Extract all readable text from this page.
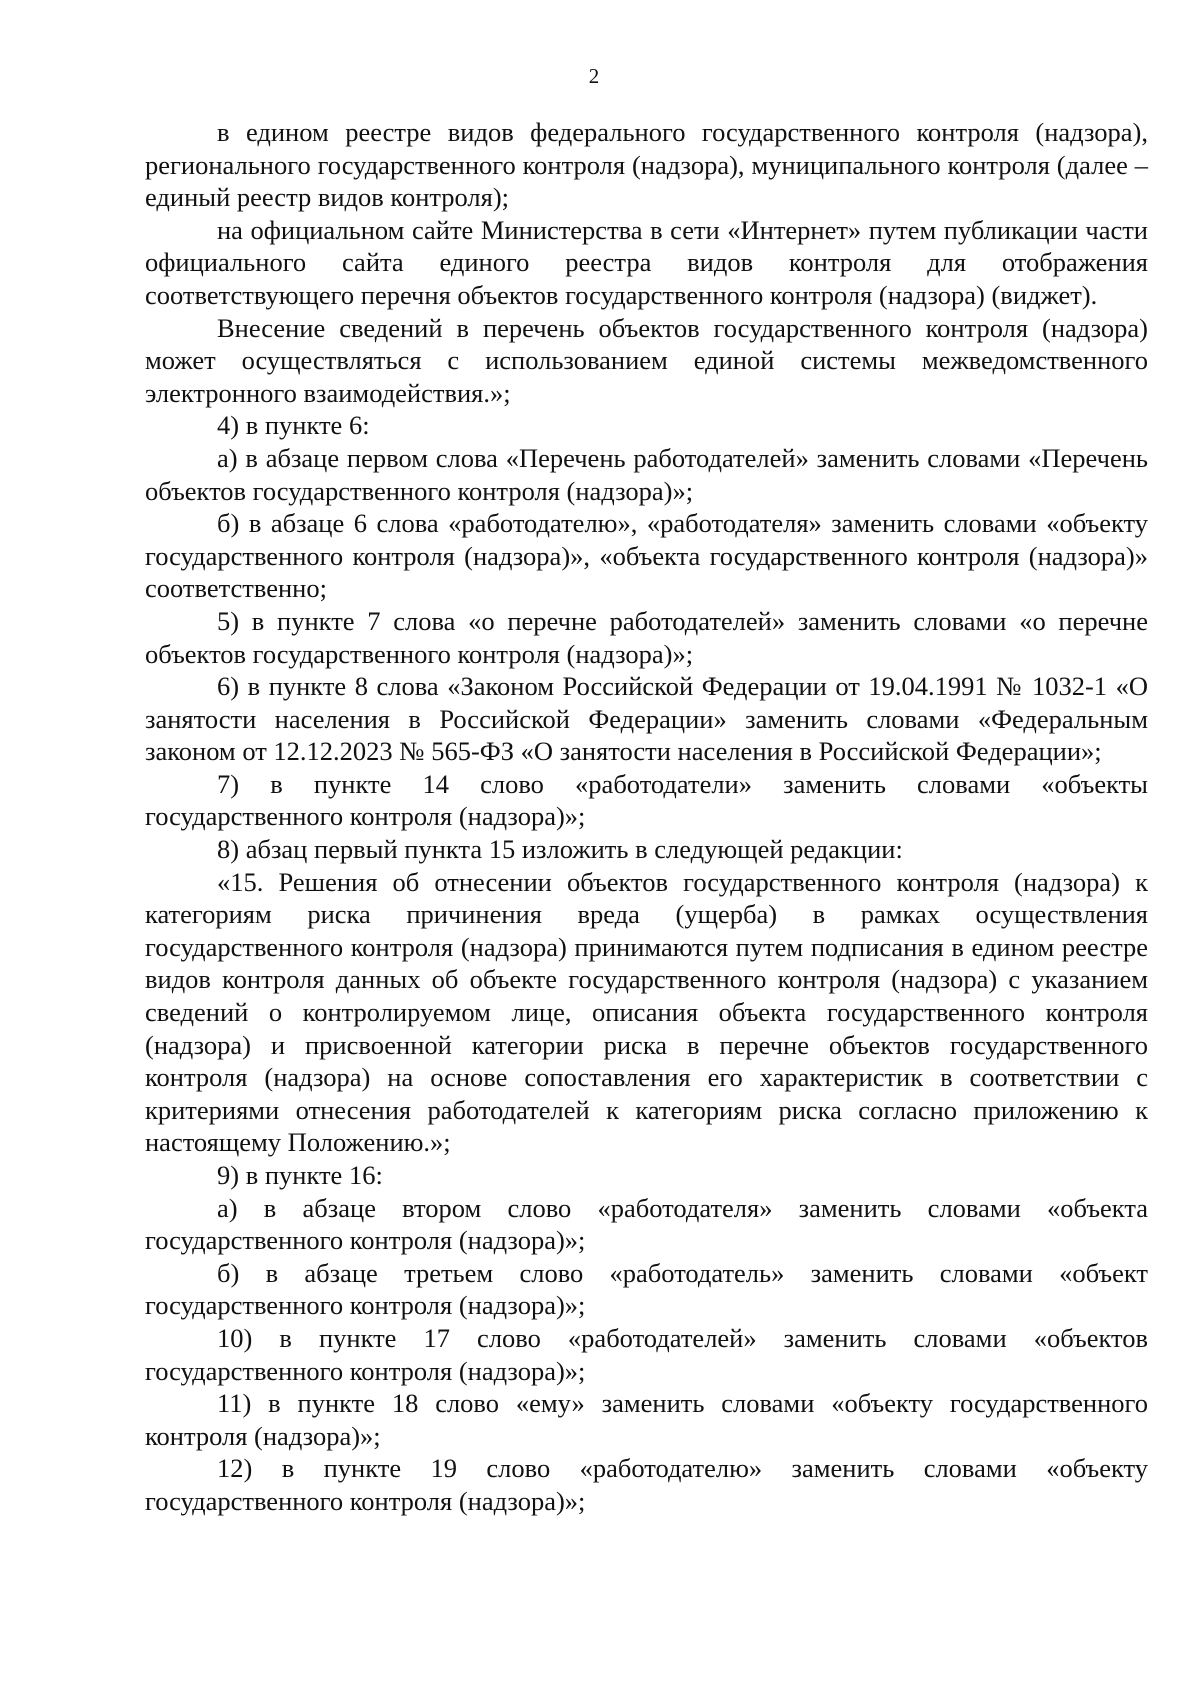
2

в едином реестре видов федерального государственного контроля (надзора), регионального государственного контроля (надзора), муниципального контроля (далее – единый реестр видов контроля);

на официальном сайте Министерства в сети «Интернет» путем публикации части официального сайта единого реестра видов контроля для отображения соответствующего перечня объектов государственного контроля (надзора) (виджет).

Внесение сведений в перечень объектов государственного контроля (надзора) может осуществляться с использованием единой системы межведомственного электронного взаимодействия.»;

4) в пункте 6:

а) в абзаце первом слова «Перечень работодателей» заменить словами «Перечень объектов государственного контроля (надзора)»;

б) в абзаце 6 слова «работодателю», «работодателя» заменить словами «объекту государственного контроля (надзора)», «объекта государственного контроля (надзора)» соответственно;

5) в пункте 7 слова «о перечне работодателей» заменить словами «о перечне объектов государственного контроля (надзора)»;

6) в пункте 8 слова «Законом Российской Федерации от 19.04.1991 № 1032-1 «О занятости населения в Российской Федерации» заменить словами «Федеральным законом от 12.12.2023 № 565-ФЗ «О занятости населения в Российской Федерации»;

7) в пункте 14 слово «работодатели» заменить словами «объекты государственного контроля (надзора)»;

8) абзац первый пункта 15 изложить в следующей редакции:

«15. Решения об отнесении объектов государственного контроля (надзора) к категориям риска причинения вреда (ущерба) в рамках осуществления государственного контроля (надзора) принимаются путем подписания в едином реестре видов контроля данных об объекте государственного контроля (надзора) с указанием сведений о контролируемом лице, описания объекта государственного контроля (надзора) и присвоенной категории риска в перечне объектов государственного контроля (надзора) на основе сопоставления его характеристик в соответствии с критериями отнесения работодателей к категориям риска согласно приложению к настоящему Положению.»;

9) в пункте 16:

а) в абзаце втором слово «работодателя» заменить словами «объекта государственного контроля (надзора)»;

б) в абзаце третьем слово «работодатель» заменить словами «объект государственного контроля (надзора)»;

10) в пункте 17 слово «работодателей» заменить словами «объектов государственного контроля (надзора)»;

11) в пункте 18 слово «ему» заменить словами «объекту государственного контроля (надзора)»;

12) в пункте 19 слово «работодателю» заменить словами «объекту государственного контроля (надзора)»;
